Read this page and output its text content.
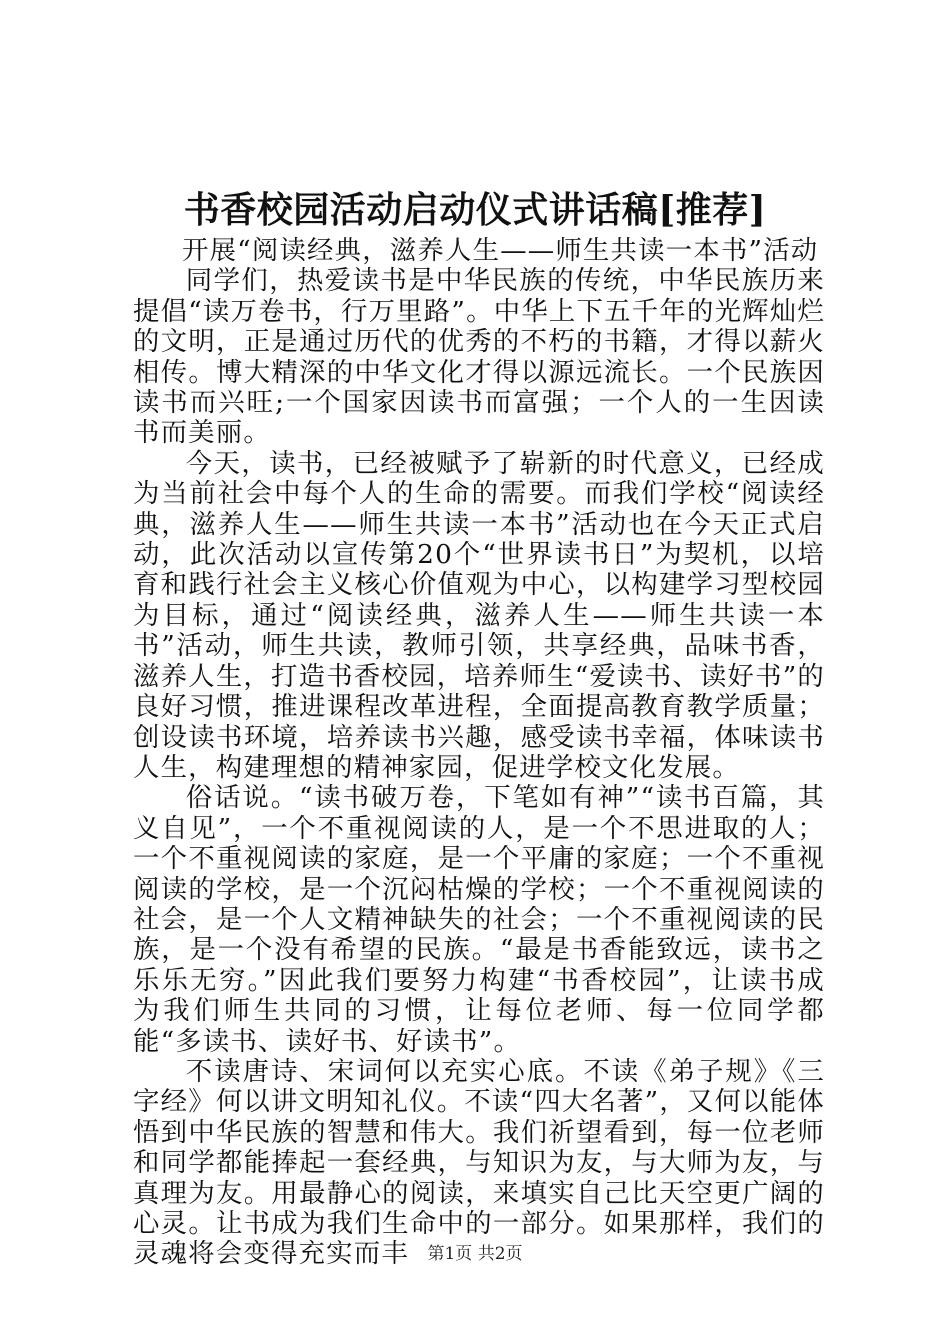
书香校园活动启动仪式讲话稿[推荐]

开展“阅读经典，滋养人生——师生共读一本书”活动

同学们，热爱读书是中华民族的传统，中华民族历来提倡“读万卷书，行万里路”。中华上下五千年的光辉灿烂的文明，正是通过历代的优秀的不朽的书籍，才得以薪火相传。博大精深的中华文化才得以源远流长。一个民族因读书而兴旺;一个国家因读书而富强；一个人的一生因读书而美丽。

今天，读书，已经被赋予了崭新的时代意义，已经成为当前社会中每个人的生命的需要。而我们学校“阅读经典，滋养人生——师生共读一本书”活动也在今天正式启动，此次活动以宣传第20个“世界读书日”为契机，以培育和践行社会主义核心价值观为中心，以构建学习型校园为目标，通过“阅读经典，滋养人生——师生共读一本书”活动，师生共读，教师引领，共享经典，品味书香，滋养人生，打造书香校园，培养师生“爱读书、读好书”的良好习惯，推进课程改革进程，全面提高教育教学质量；创设读书环境，培养读书兴趣，感受读书幸福，体味读书人生，构建理想的精神家园，促进学校文化发展。

俗话说。“读书破万卷，下笔如有神”“读书百篇，其义自见”，一个不重视阅读的人，是一个不思进取的人；一个不重视阅读的家庭，是一个平庸的家庭；一个不重视阅读的学校，是一个沉闷枯燥的学校；一个不重视阅读的社会，是一个人文精神缺失的社会；一个不重视阅读的民族，是一个没有希望的民族。“最是书香能致远，读书之乐乐无穷。”因此我们要努力构建“书香校园”，让读书成为我们师生共同的习惯，让每位老师、每一位同学都能“多读书、读好书、好读书”。

不读唐诗、宋词何以充实心底。不读《弟子规》《三字经》何以讲文明知礼仪。不读“四大名著”，又何以能体悟到中华民族的智慧和伟大。我们祈望看到，每一位老师和同学都能捧起一套经典，与知识为友，与大师为友，与真理为友。用最静心的阅读，来填实自己比天空更广阔的心灵。让书成为我们生命中的一部分。如果那样，我们的灵魂将会变得充实而丰	第1页 共2页
